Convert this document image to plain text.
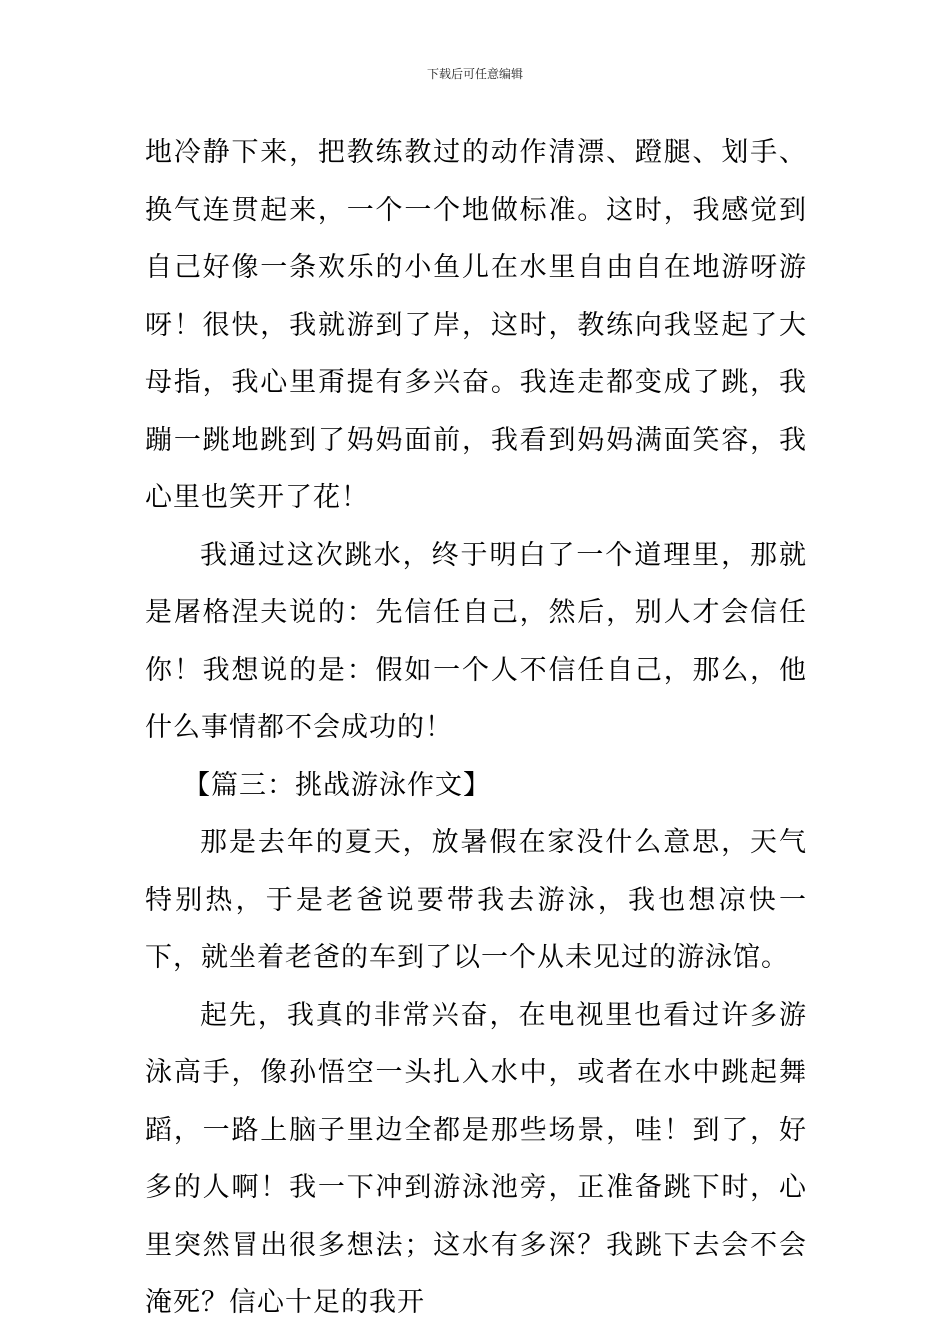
下载后可任意编辑

地冷静下来，把教练教过的动作清漂、蹬腿、划手、换气连贯起来，一个一个地做标准。这时，我感觉到自己好像一条欢乐的小鱼儿在水里自由自在地游呀游呀！很快，我就游到了岸，这时，教练向我竖起了大母指，我心里甭提有多兴奋。我连走都变成了跳，我蹦一跳地跳到了妈妈面前，我看到妈妈满面笑容，我心里也笑开了花！

我通过这次跳水，终于明白了一个道理里，那就是屠格涅夫说的：先信任自己，然后，别人才会信任你！我想说的是：假如一个人不信任自己，那么，他什么事情都不会成功的！

【篇三：挑战游泳作文】

那是去年的夏天，放暑假在家没什么意思，天气特别热，于是老爸说要带我去游泳，我也想凉快一下，就坐着老爸的车到了以一个从未见过的游泳馆。

起先，我真的非常兴奋，在电视里也看过许多游泳高手，像孙悟空一头扎入水中，或者在水中跳起舞蹈，一路上脑子里边全都是那些场景，哇！到了，好多的人啊！我一下冲到游泳池旁，正准备跳下时，心里突然冒出很多想法；这水有多深？我跳下去会不会淹死？信心十足的我开
